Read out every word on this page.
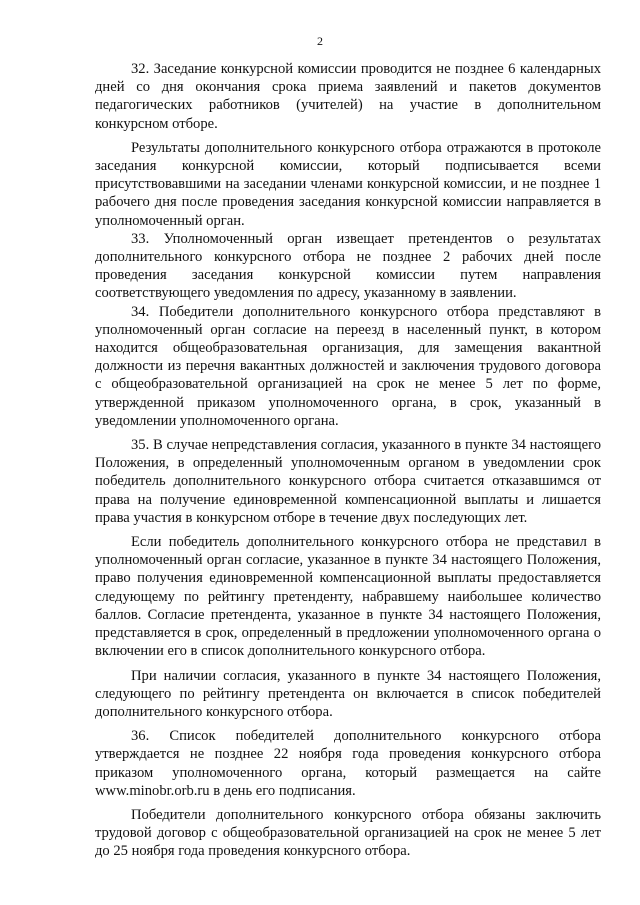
2

32. Заседание конкурсной комиссии проводится не позднее 6 календарных дней со дня окончания срока приема заявлений и пакетов документов педагогических работников (учителей) на участие в дополнительном конкурсном отборе.

Результаты дополнительного конкурсного отбора отражаются в протоколе заседания конкурсной комиссии, который подписывается всеми присутствовавшими на заседании членами конкурсной комиссии, и не позднее 1 рабочего дня после проведения заседания конкурсной комиссии направляется в уполномоченный орган.

33. Уполномоченный орган извещает претендентов о результатах дополнительного конкурсного отбора не позднее 2 рабочих дней после проведения заседания конкурсной комиссии путем направления соответствующего уведомления по адресу, указанному в заявлении.

34. Победители дополнительного конкурсного отбора представляют в уполномоченный орган согласие на переезд в населенный пункт, в котором находится общеобразовательная организация, для замещения вакантной должности из перечня вакантных должностей и заключения трудового договора с общеобразовательной организацией на срок не менее 5 лет по форме, утвержденной приказом уполномоченного органа, в срок, указанный в уведомлении уполномоченного органа.

35. В случае непредставления согласия, указанного в пункте 34 настоящего Положения, в определенный уполномоченным органом в уведомлении срок победитель дополнительного конкурсного отбора считается отказавшимся от права на получение единовременной компенсационной выплаты и лишается права участия в конкурсном отборе в течение двух последующих лет.

Если победитель дополнительного конкурсного отбора не представил в уполномоченный орган согласие, указанное в пункте 34 настоящего Положения, право получения единовременной компенсационной выплаты предоставляется следующему по рейтингу претенденту, набравшему наибольшее количество баллов. Согласие претендента, указанное в пункте 34 настоящего Положения, представляется в срок, определенный в предложении уполномоченного органа о включении его в список дополнительного конкурсного отбора.

При наличии согласия, указанного в пункте 34 настоящего Положения, следующего по рейтингу претендента он включается в список победителей дополнительного конкурсного отбора.

36. Список победителей дополнительного конкурсного отбора утверждается не позднее 22 ноября года проведения конкурсного отбора приказом уполномоченного органа, который размещается на сайте www.minobr.orb.ru в день его подписания.

Победители дополнительного конкурсного отбора обязаны заключить трудовой договор с общеобразовательной организацией на срок не менее 5 лет до 25 ноября года проведения конкурсного отбора.
